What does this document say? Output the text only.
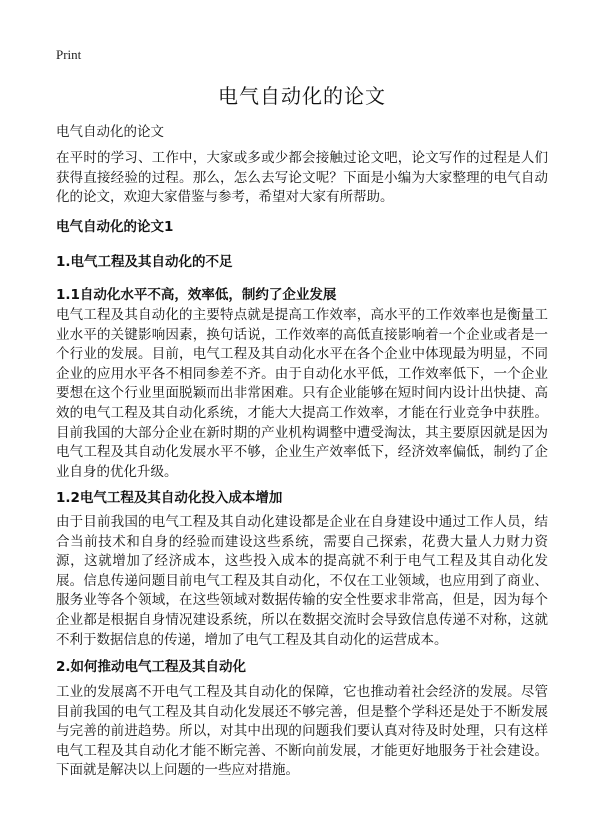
Print
电气自动化的论文
电气自动化的论文

在平时的学习、工作中，大家或多或少都会接触过论文吧，论文写作的过程是人们获得直接经验的过程。那么，怎么去写论文呢？下面是小编为大家整理的电气自动化的论文，欢迎大家借鉴与参考，希望对大家有所帮助。

电气自动化的论文1
1.电气工程及其自动化的不足
1.1自动化水平不高，效率低，制约了企业发展

电气工程及其自动化的主要特点就是提高工作效率，高水平的工作效率也是衡量工业水平的关键影响因素，换句话说，工作效率的高低直接影响着一个企业或者是一个行业的发展。目前，电气工程及其自动化水平在各个企业中体现最为明显，不同企业的应用水平各不相同参差不齐。由于自动化水平低，工作效率低下，一个企业要想在这个行业里面脱颖而出非常困难。只有企业能够在短时间内设计出快捷、高效的电气工程及其自动化系统，才能大大提高工作效率，才能在行业竞争中获胜。目前我国的大部分企业在新时期的产业机构调整中遭受淘汰，其主要原因就是因为电气工程及其自动化发展水平不够，企业生产效率低下，经济效率偏低，制约了企业自身的优化升级。

1.2电气工程及其自动化投入成本增加

由于目前我国的电气工程及其自动化建设都是企业在自身建设中通过工作人员，结合当前技术和自身的经验而建设这些系统，需要自己探索，花费大量人力财力资源，这就增加了经济成本，这些投入成本的提高就不利于电气工程及其自动化发展。信息传递问题目前电气工程及其自动化，不仅在工业领域，也应用到了商业、服务业等各个领域，在这些领域对数据传输的安全性要求非常高，但是，因为每个企业都是根据自身情况建设系统，所以在数据交流时会导致信息传递不对称，这就不利于数据信息的传递，增加了电气工程及其自动化的运营成本。

2.如何推动电气工程及其自动化

工业的发展离不开电气工程及其自动化的保障，它也推动着社会经济的发展。尽管目前我国的电气工程及其自动化发展还不够完善，但是整个学科还是处于不断发展与完善的前进趋势。所以，对其中出现的问题我们要认真对待及时处理，只有这样电气工程及其自动化才能不断完善、不断向前发展，才能更好地服务于社会建设。下面就是解决以上问题的一些应对措施。
